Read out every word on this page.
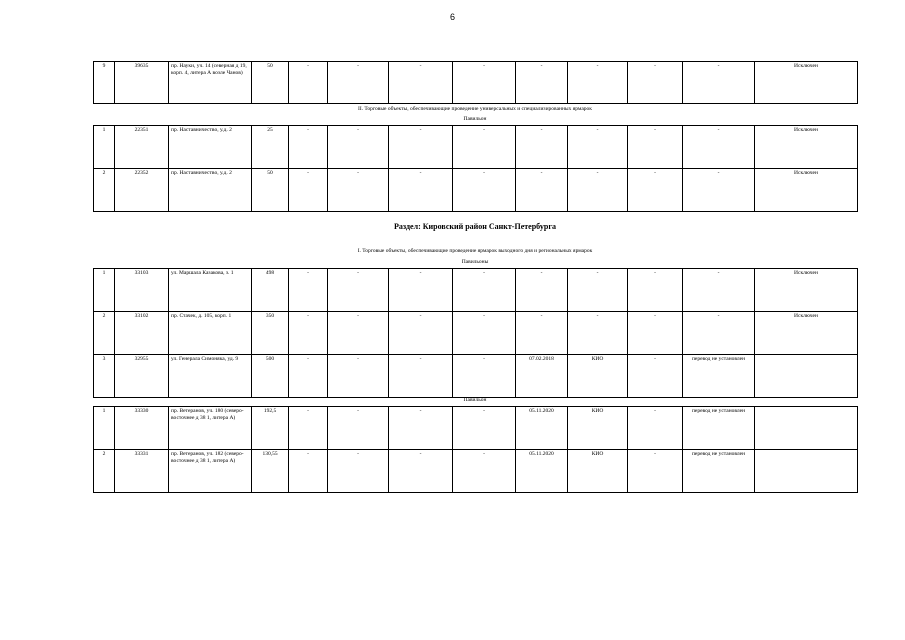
6
9	39635	пр. Науки, уч. 14 (северная д 19, корп. 4, литера А возле Чанов)	50	-	-	-	-	-	-	-	-	Исключен
II. Торговые объекты, обеспечивающие проведение универсальных и специализированных ярмарок
Павильон
1	22351	пр. Наставничество, у.д. 2	25	-	-	-	-	-	-	-	-	Исключен
2	22352	пр. Наставничество, у.д. 2	50	-	-	-	-	-	-	-	-	Исключен
Раздел: Кировский район Санкт-Петербурга
I. Торговые объекты, обеспечивающие проведение ярмарок выходного дня и региональных ярмарок
Павильоны
1	33103	ул. Маршала Казакова, з. 1	498	-	-	-	-	-	-	-	-	Исключен
2	33102	пр. Стачек, д. 105, корп. 1	350	-	-	-	-	-	-	-	-	Исключен
3	32955	ул. Генерала Симоняка, уд. 9	500	-	-	-	-	07.02.2018	КИО	-	перевод не установлен	
Павильон
1	33330	пр. Ветеранов, уч. 180 (северо-восточнее д 38 1, литера А)	192,5	-	-	-	-	05.11.2020	КИО	-	перевод не установлен	
2	33331	пр. Ветеранов, уч. 182 (северо-восточнее д 38 1, литера А)	130,55	-	-	-	-	05.11.2020	КИО	-	перевод не установлен	
